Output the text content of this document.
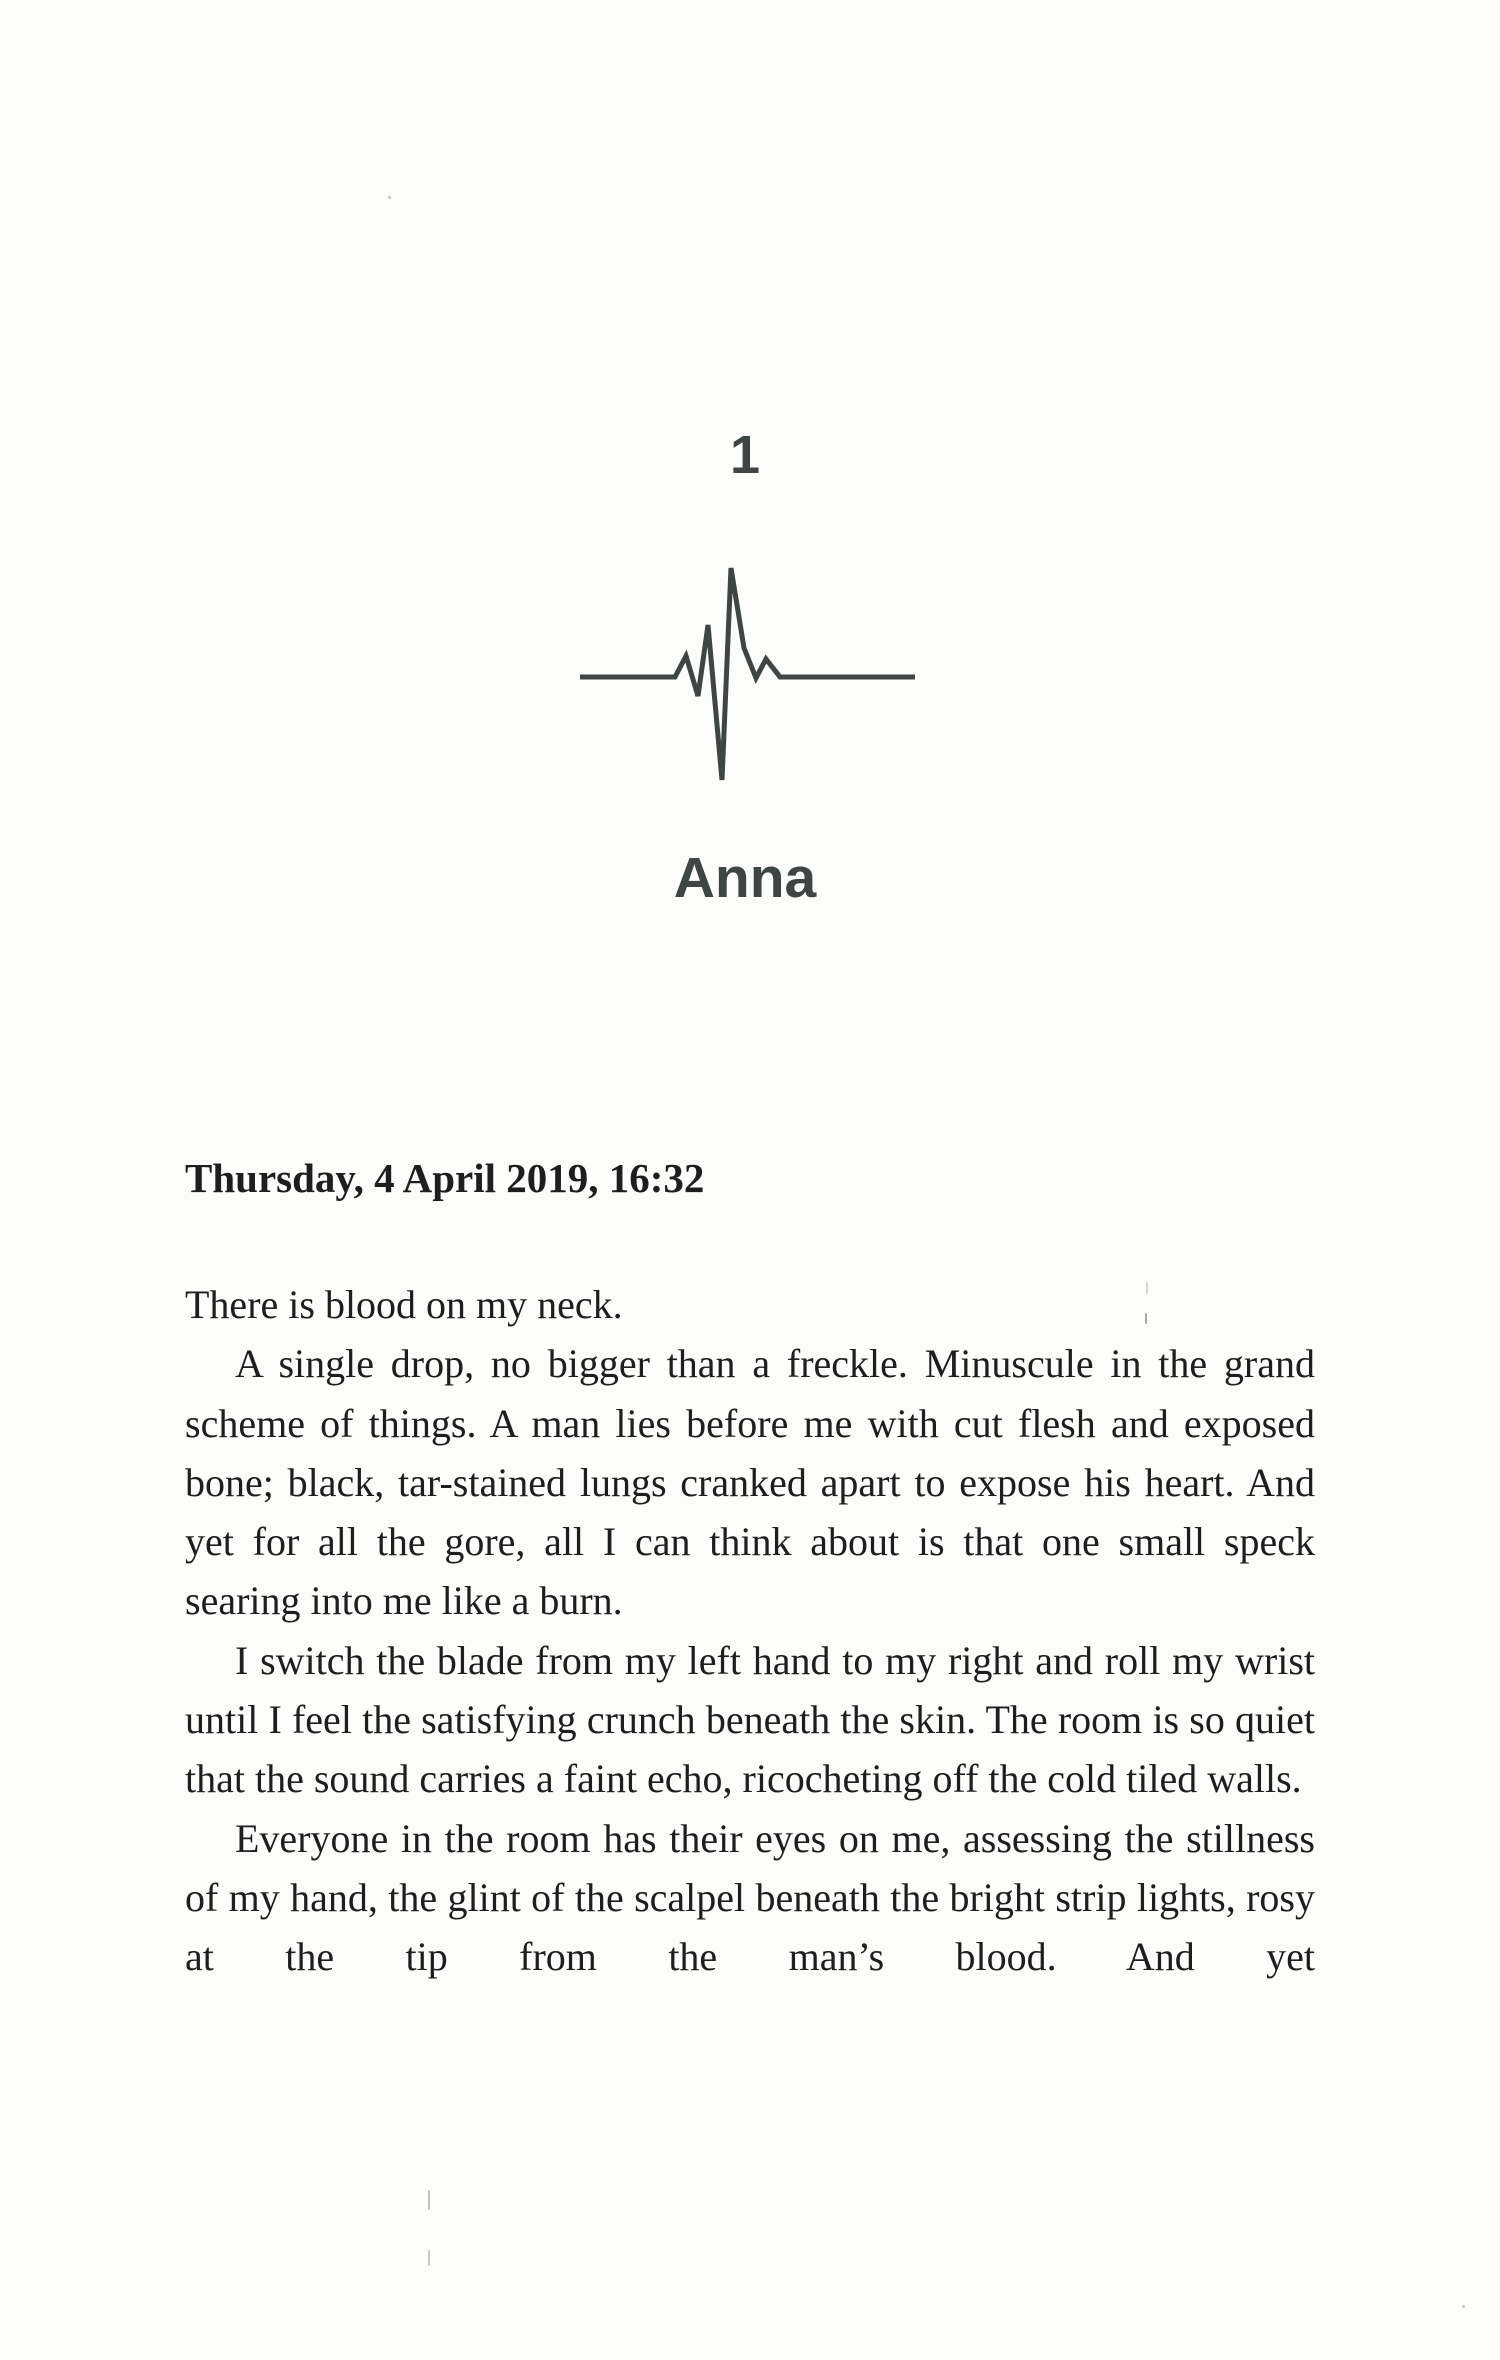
1
Anna
Thursday, 4 April 2019, 16:32

There is blood on my neck.

A single drop, no bigger than a freckle. Minuscule in the grand scheme of things. A man lies before me with cut flesh and exposed bone; black, tar-stained lungs cranked apart to expose his heart. And yet for all the gore, all I can think about is that one small speck searing into me like a burn.

I switch the blade from my left hand to my right and roll my wrist until I feel the satisfying crunch beneath the skin. The room is so quiet that the sound carries a faint echo, ricocheting off the cold tiled walls.

Everyone in the room has their eyes on me, assessing the stillness of my hand, the glint of the scalpel beneath the bright strip lights, rosy at the tip from the man’s blood. And yet
